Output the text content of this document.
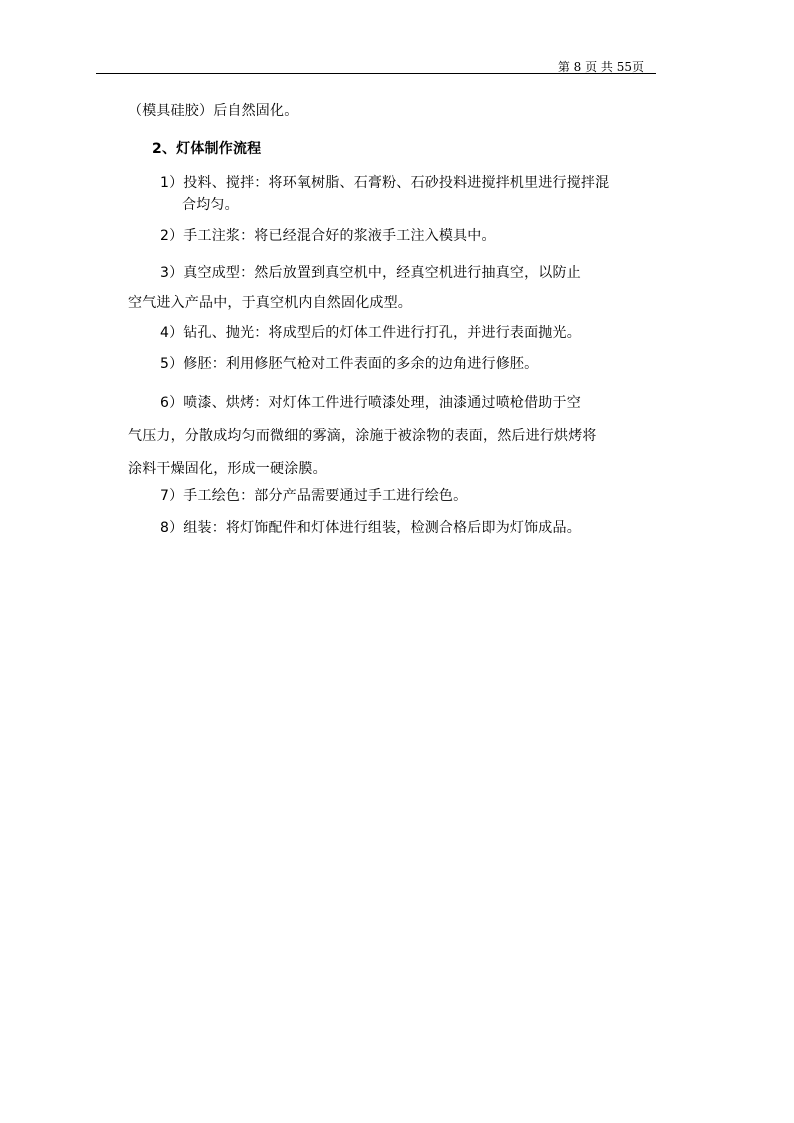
第 8 页 共 55页
（模具硅胶）后自然固化。
2、灯体制作流程
1）投料、搅拌：将环氧树脂、石膏粉、石砂投料进搅拌机里进行搅拌混
合均匀。
2）手工注浆：将已经混合好的浆液手工注入模具中。
3）真空成型：然后放置到真空机中，经真空机进行抽真空，以防止
空气进入产品中，于真空机内自然固化成型。
4）钻孔、抛光：将成型后的灯体工件进行打孔，并进行表面抛光。
5）修胚：利用修胚气枪对工件表面的多余的边角进行修胚。
6）喷漆、烘烤：对灯体工件进行喷漆处理，油漆通过喷枪借助于空
气压力，分散成均匀而微细的雾滴，涂施于被涂物的表面，然后进行烘烤将
涂料干燥固化，形成一硬涂膜。
7）手工绘色：部分产品需要通过手工进行绘色。
8）组装：将灯饰配件和灯体进行组装，检测合格后即为灯饰成品。
